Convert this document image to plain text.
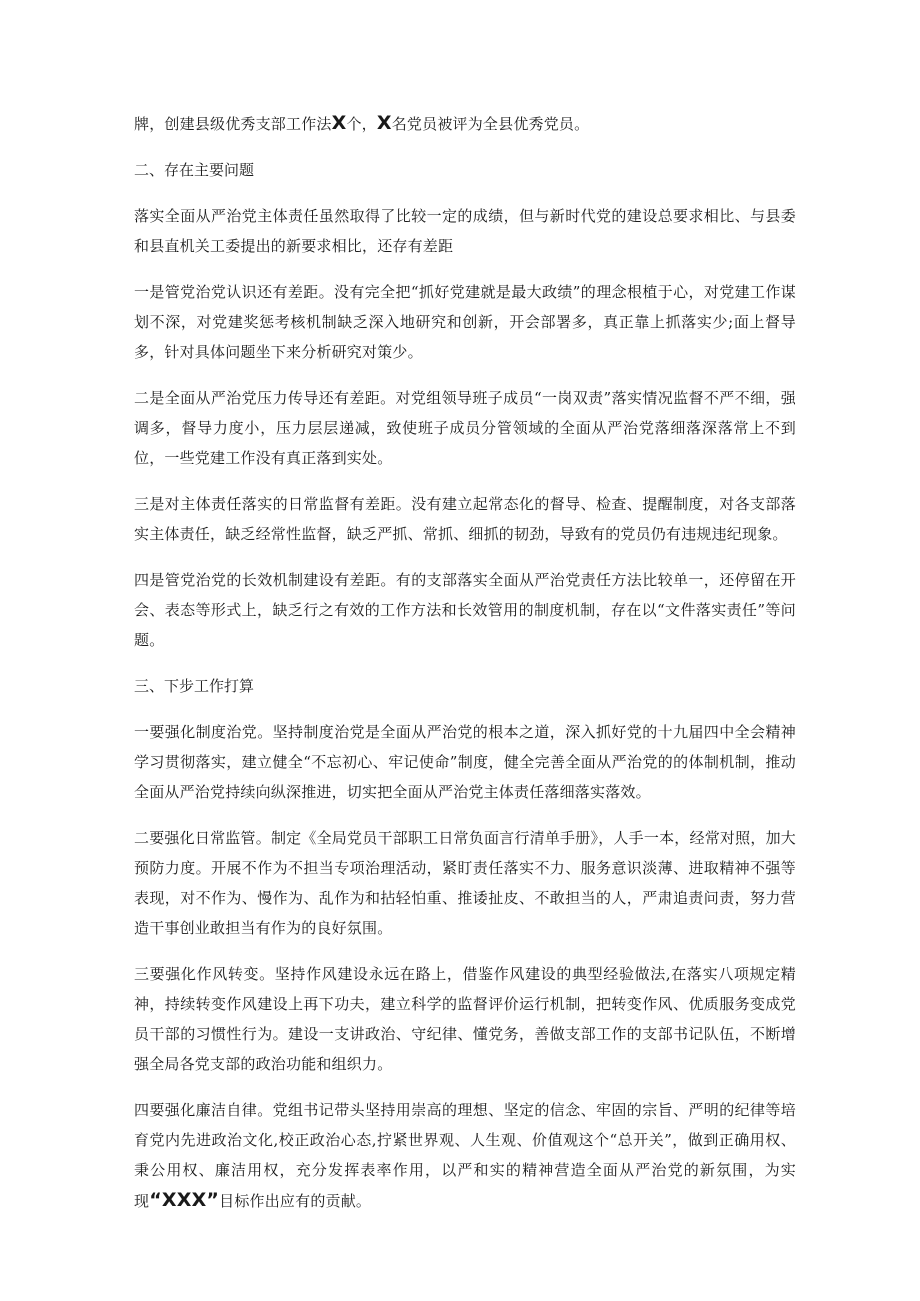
牌，创建县级优秀支部工作法X个，X名党员被评为全县优秀党员。

二、存在主要问题

落实全面从严治党主体责任虽然取得了比较一定的成绩，但与新时代党的建设总要求相比、与县委和县直机关工委提出的新要求相比，还存有差距

一是管党治党认识还有差距。没有完全把“抓好党建就是最大政绩”的理念根植于心，对党建工作谋划不深，对党建奖惩考核机制缺乏深入地研究和创新，开会部署多，真正靠上抓落实少;面上督导多，针对具体问题坐下来分析研究对策少。

二是全面从严治党压力传导还有差距。对党组领导班子成员“一岗双责”落实情况监督不严不细，强调多，督导力度小，压力层层递减，致使班子成员分管领域的全面从严治党落细落深落常上不到位，一些党建工作没有真正落到实处。

三是对主体责任落实的日常监督有差距。没有建立起常态化的督导、检查、提醒制度，对各支部落实主体责任，缺乏经常性监督，缺乏严抓、常抓、细抓的韧劲，导致有的党员仍有违规违纪现象。

四是管党治党的长效机制建设有差距。有的支部落实全面从严治党责任方法比较单一，还停留在开会、表态等形式上，缺乏行之有效的工作方法和长效管用的制度机制，存在以“文件落实责任”等问题。

三、下步工作打算

一要强化制度治党。坚持制度治党是全面从严治党的根本之道，深入抓好党的十九届四中全会精神学习贯彻落实，建立健全“不忘初心、牢记使命”制度，健全完善全面从严治党的的体制机制，推动全面从严治党持续向纵深推进，切实把全面从严治党主体责任落细落实落效。

二要强化日常监管。制定《全局党员干部职工日常负面言行清单手册》，人手一本，经常对照，加大预防力度。开展不作为不担当专项治理活动，紧盯责任落实不力、服务意识淡薄、进取精神不强等表现，对不作为、慢作为、乱作为和拈轻怕重、推诿扯皮、不敢担当的人，严肃追责问责，努力营造干事创业敢担当有作为的良好氛围。

三要强化作风转变。坚持作风建设永远在路上，借鉴作风建设的典型经验做法,在落实八项规定精神，持续转变作风建设上再下功夫，建立科学的监督评价运行机制，把转变作风、优质服务变成党员干部的习惯性行为。建设一支讲政治、守纪律、懂党务，善做支部工作的支部书记队伍，不断增强全局各党支部的政治功能和组织力。

四要强化廉洁自律。党组书记带头坚持用崇高的理想、坚定的信念、牢固的宗旨、严明的纪律等培育党内先进政治文化,校正政治心态,拧紧世界观、人生观、价值观这个“总开关”，做到正确用权、秉公用权、廉洁用权，充分发挥表率作用，以严和实的精神营造全面从严治党的新氛围，为实现“XXX”目标作出应有的贡献。
